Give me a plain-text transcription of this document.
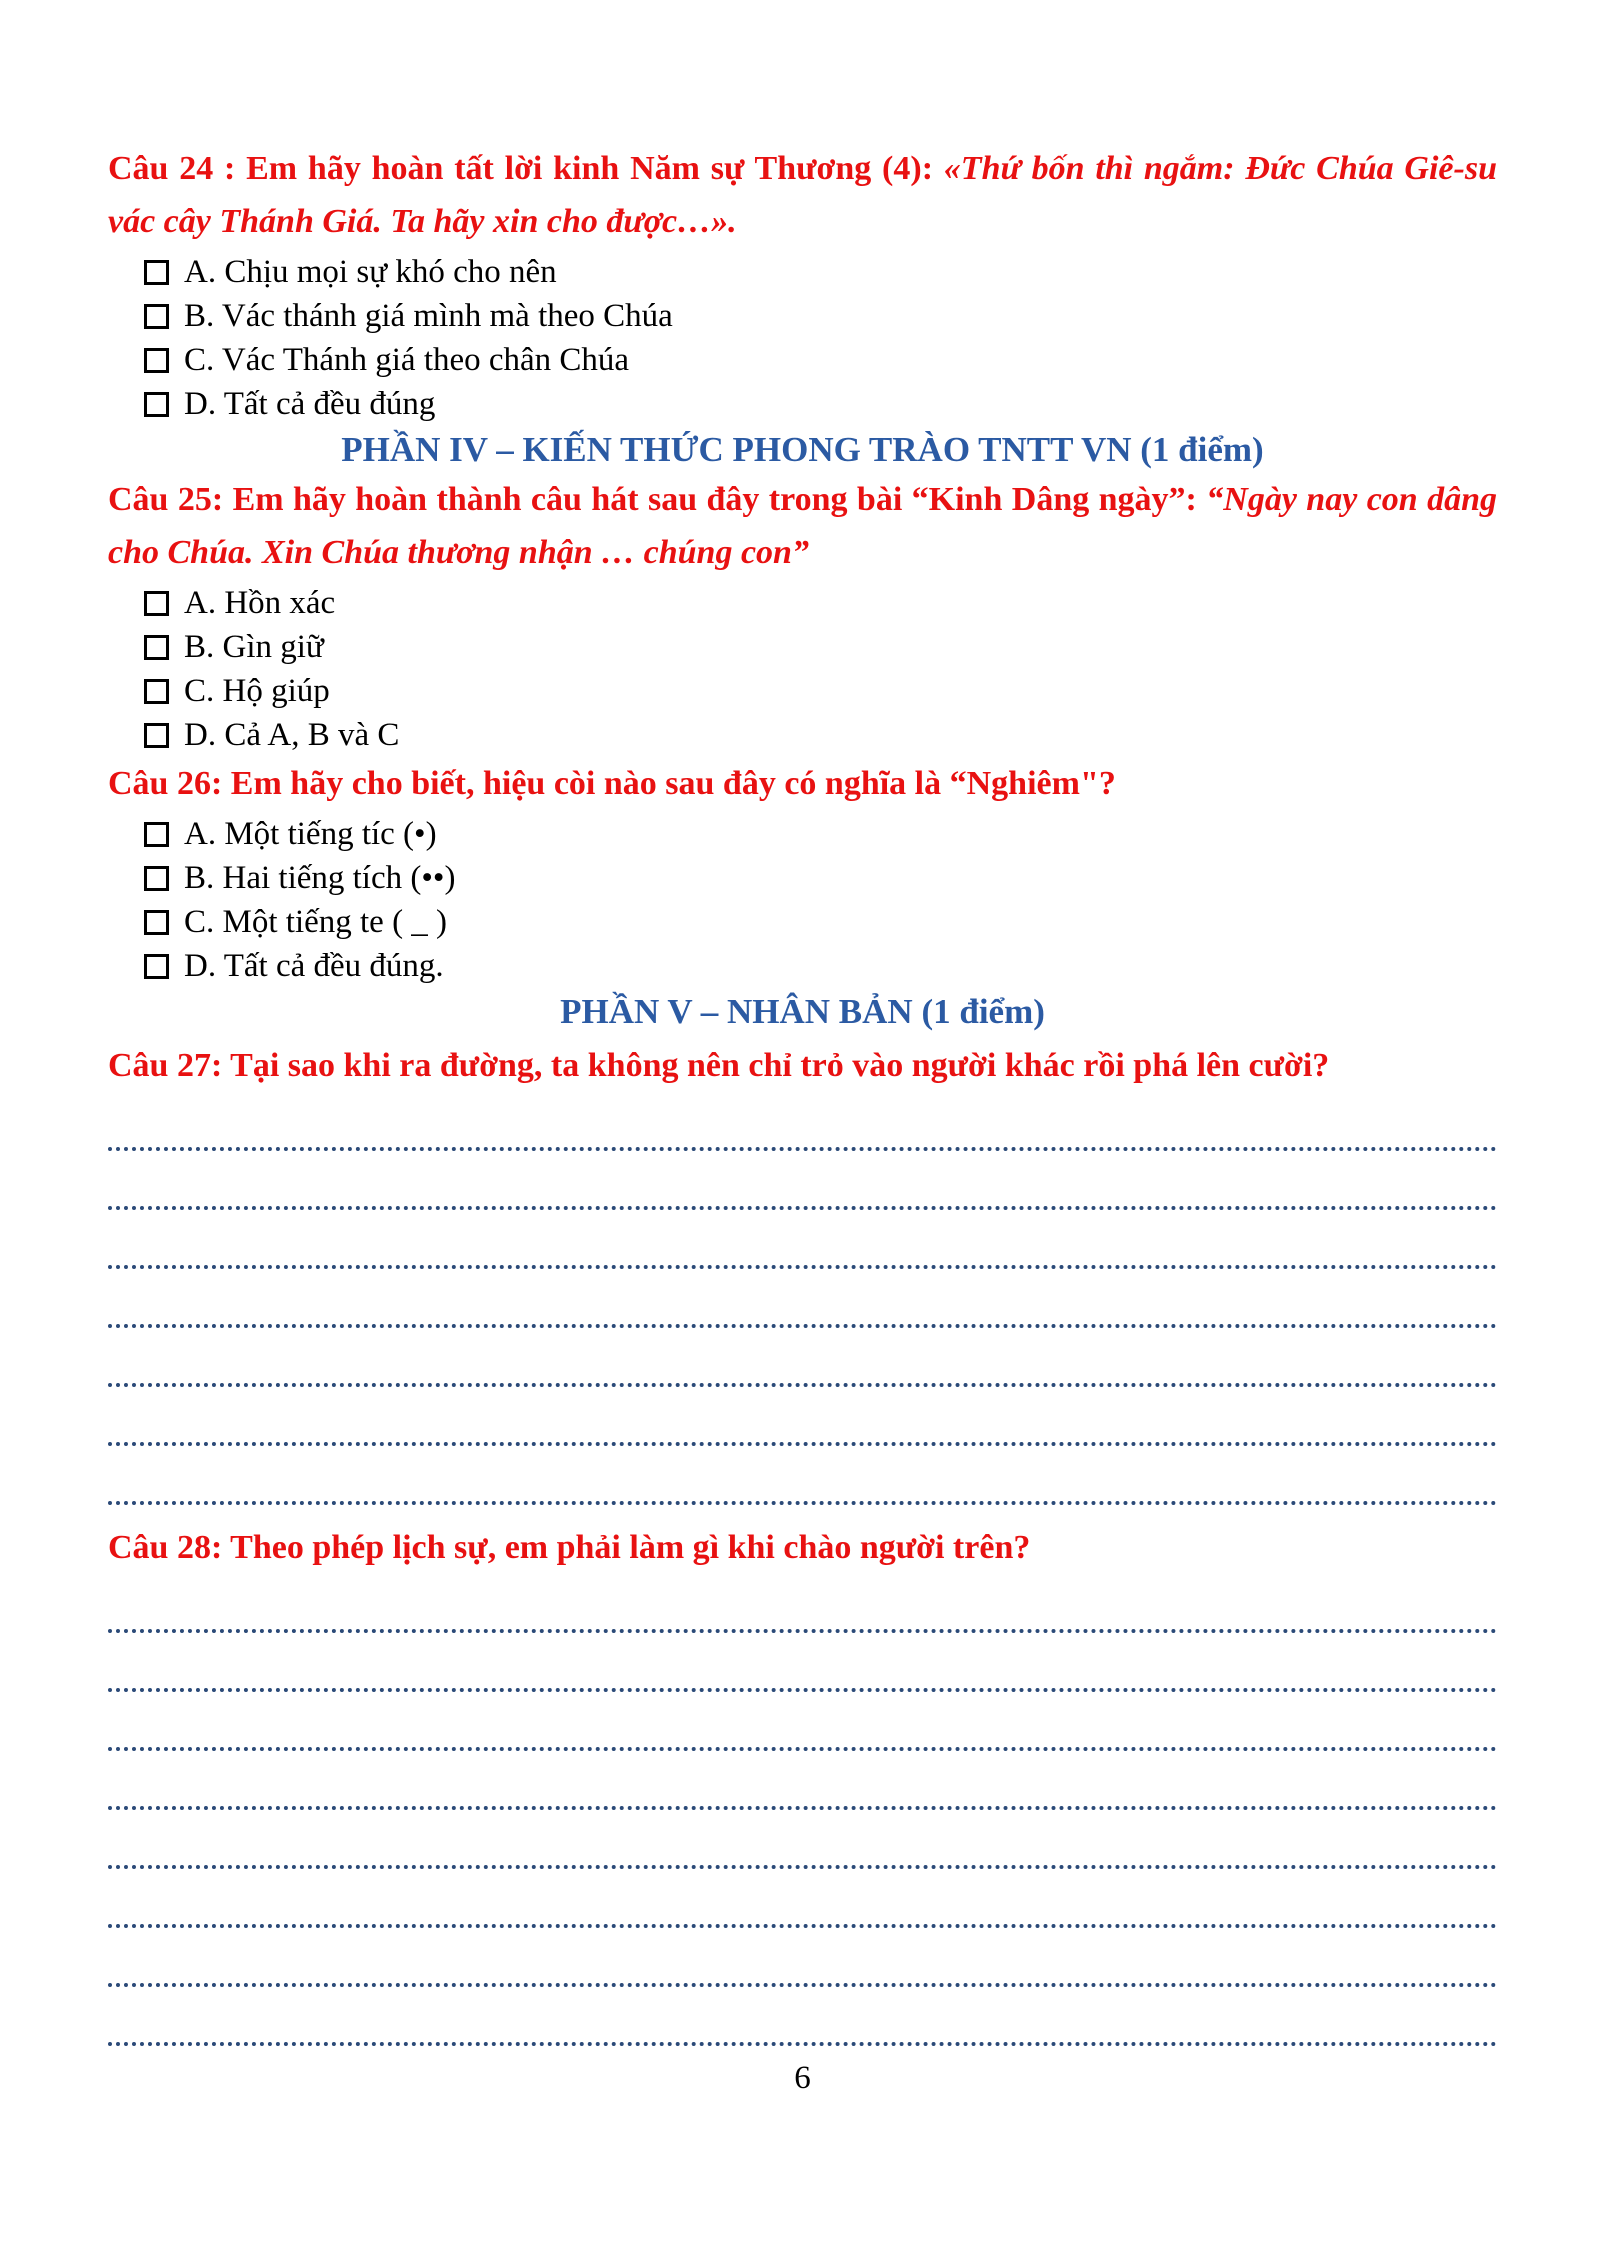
Câu 24 : Em hãy hoàn tất lời kinh Năm sự Thương (4): «Thứ bốn thì ngắm: Đức Chúa Giê-su vác cây Thánh Giá. Ta hãy xin cho được…».

A. Chịu mọi sự khó cho nên
B. Vác thánh giá mình mà theo Chúa
C. Vác Thánh giá theo chân Chúa
D. Tất cả đều đúng
PHẦN IV – KIẾN THỨC PHONG TRÀO TNTT VN (1 điểm)

Câu 25: Em hãy hoàn thành câu hát sau đây trong bài “Kinh Dâng ngày”: “Ngày nay con dâng cho Chúa. Xin Chúa thương nhận … chúng con”

A. Hồn xác
B. Gìn giữ
C. Hộ giúp
D. Cả A, B và C

Câu 26: Em hãy cho biết, hiệu còi nào sau đây có nghĩa là “Nghiêm"?

A. Một tiếng tíc (•)
B. Hai tiếng tích (••)
C. Một tiếng te ( _ )
D. Tất cả đều đúng.
PHẦN V – NHÂN BẢN (1 điểm)

Câu 27: Tại sao khi ra đường, ta không nên chỉ trỏ vào người khác rồi phá lên cười?

Câu 28: Theo phép lịch sự, em phải làm gì khi chào người trên?

6
